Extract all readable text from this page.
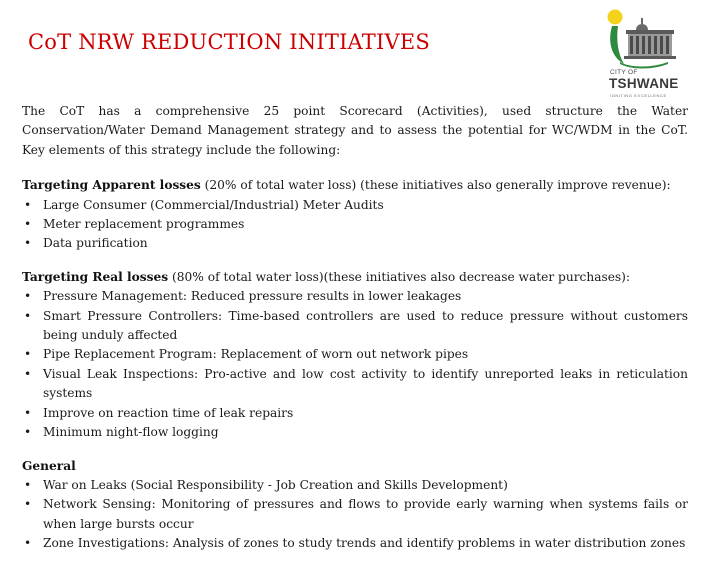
CoT NRW REDUCTION INITIATIVES
CITY OF
TSHWANE
IGNITING EXCELLENCE

The CoT has a comprehensive 25 point Scorecard (Activities), used structure the Water Conservation/Water Demand Management strategy and to assess the potential for WC/WDM in the CoT. Key elements of this strategy include the following:

Targeting Apparent losses (20% of total water loss) (these initiatives also generally improve revenue):

• Large Consumer (Commercial/Industrial) Meter Audits
• Meter replacement programmes
• Data purification

Targeting Real losses (80% of total water loss)(these initiatives also decrease water purchases):

• Pressure Management: Reduced pressure results in lower leakages
• Smart Pressure Controllers: Time-based controllers are used to reduce pressure without customers being unduly affected
• Pipe Replacement Program: Replacement of worn out network pipes
• Visual Leak Inspections: Pro-active and low cost activity to identify unreported leaks in reticulation systems
• Improve on reaction time of leak repairs
• Minimum night-flow logging

General

• War on Leaks (Social Responsibility - Job Creation and Skills Development)
• Network Sensing: Monitoring of pressures and flows to provide early warning when systems fails or when large bursts occur
• Zone Investigations: Analysis of zones to study trends and identify problems in water distribution zones
